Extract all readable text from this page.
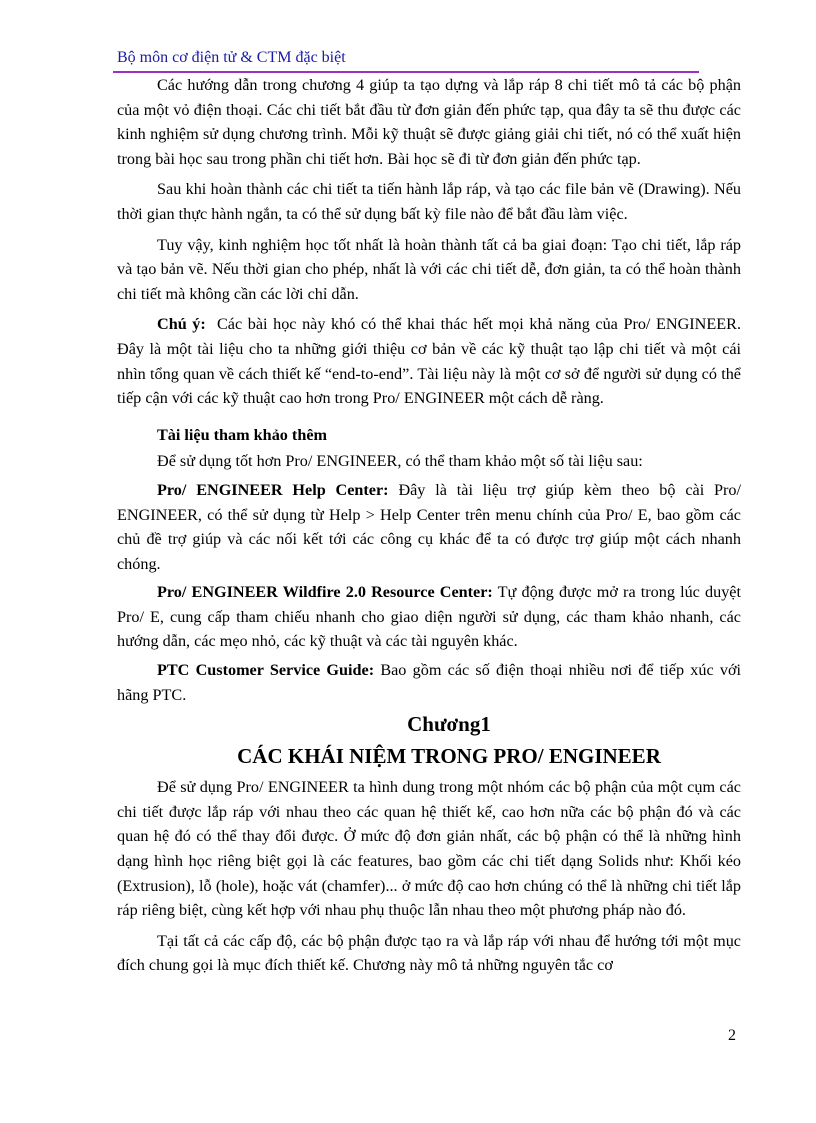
Bộ môn cơ điện tử & CTM đặc biệt

Các hướng dẫn trong chương 4 giúp ta tạo dựng và lắp ráp 8 chi tiết mô tả các bộ phận của một vỏ điện thoại. Các chi tiết bắt đầu từ đơn giản đến phức tạp, qua đây ta sẽ thu được các kinh nghiệm sử dụng chương trình. Mỗi kỹ thuật sẽ được giảng giải chi tiết, nó có thể xuất hiện trong bài học sau trong phần chi tiết hơn. Bài học sẽ đi từ đơn giản đến phức tạp.

Sau khi hoàn thành các chi tiết ta tiến hành lắp ráp, và tạo các file bản vẽ (Drawing). Nếu thời gian thực hành ngắn, ta có thể sử dụng bất kỳ file nào để bắt đầu làm việc.

Tuy vậy, kinh nghiệm học tốt nhất là hoàn thành tất cả ba giai đoạn: Tạo chi tiết, lắp ráp và tạo bản vẽ. Nếu thời gian cho phép, nhất là với các chi tiết dễ, đơn giản, ta có thể hoàn thành chi tiết mà không cần các lời chỉ dẫn.

Chú ý: Các bài học này khó có thể khai thác hết mọi khả năng của Pro/ ENGINEER. Đây là một tài liệu cho ta những giới thiệu cơ bản về các kỹ thuật tạo lập chi tiết và một cái nhìn tổng quan về cách thiết kế “end-to-end”. Tài liệu này là một cơ sở để người sử dụng có thể tiếp cận với các kỹ thuật cao hơn trong Pro/ ENGINEER một cách dễ ràng.

Tài liệu tham khảo thêm

Để sử dụng tốt hơn Pro/ ENGINEER, có thể tham khảo một số tài liệu sau:

Pro/ ENGINEER Help Center: Đây là tài liệu trợ giúp kèm theo bộ cài Pro/ ENGINEER, có thể sử dụng từ Help > Help Center trên menu chính của Pro/ E, bao gồm các chủ đề trợ giúp và các nối kết tới các công cụ khác để ta có được trợ giúp một cách nhanh chóng.

Pro/ ENGINEER Wildfire 2.0 Resource Center: Tự động được mở ra trong lúc duyệt Pro/ E, cung cấp tham chiếu nhanh cho giao diện người sử dụng, các tham khảo nhanh, các hướng dẫn, các mẹo nhỏ, các kỹ thuật và các tài nguyên khác.

PTC Customer Service Guide: Bao gồm các số điện thoại nhiều nơi để tiếp xúc với hãng PTC.

Chương1

CÁC KHÁI NIỆM TRONG PRO/ ENGINEER

Để sử dụng Pro/ ENGINEER ta hình dung trong một nhóm các bộ phận của một cụm các chi tiết được lắp ráp với nhau theo các quan hệ thiết kế, cao hơn nữa các bộ phận đó và các quan hệ đó có thể thay đổi được. Ở mức độ đơn giản nhất, các bộ phận có thể là những hình dạng hình học riêng biệt gọi là các features, bao gồm các chi tiết dạng Solids như: Khối kéo (Extrusion), lỗ (hole), hoặc vát (chamfer)... ở mức độ cao hơn chúng có thể là những chi tiết lắp ráp riêng biệt, cùng kết hợp với nhau phụ thuộc lẫn nhau theo một phương pháp nào đó.

Tại tất cả các cấp độ, các bộ phận được tạo ra và lắp ráp với nhau để hướng tới một mục đích chung gọi là mục đích thiết kế. Chương này mô tả những nguyên tắc cơ

2
